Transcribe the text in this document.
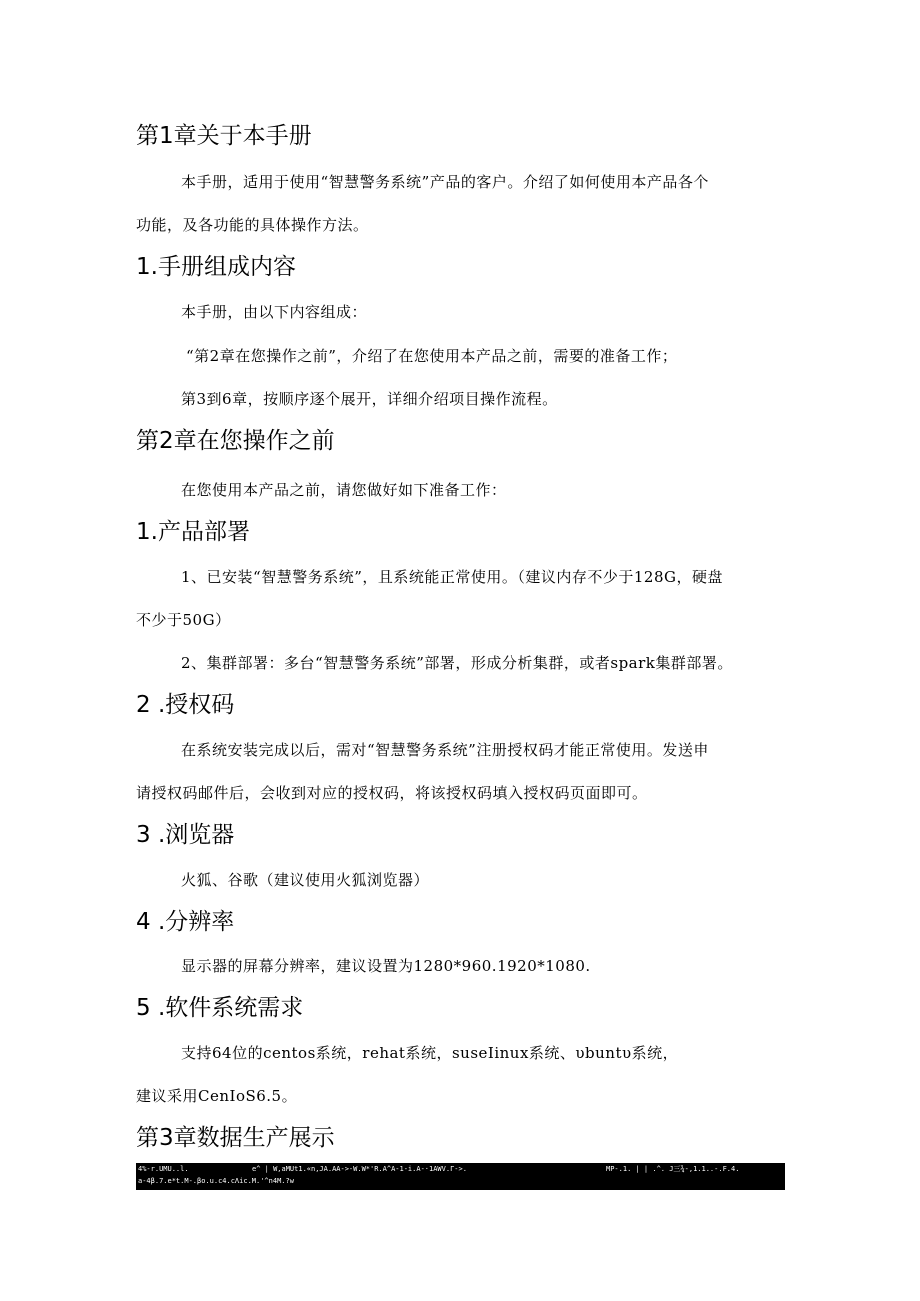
第1章关于本手册
本手册，适用于使用“智慧警务系统”产品的客户。介绍了如何使用本产品各个
功能，及各功能的具体操作方法。
1.手册组成内容
本手册，由以下内容组成：
“第2章在您操作之前”，介绍了在您使用本产品之前，需要的准备工作；
第3到6章，按顺序逐个展开，详细介绍项目操作流程。
第2章在您操作之前
在您使用本产品之前，请您做好如下准备工作：
1.产品部署
1、已安装“智慧警务系统”，且系统能正常使用。（建议内存不少于128G，硬盘
不少于50G）
2、集群部署：多台“智慧警务系统”部署，形成分析集群，或者spark集群部署。
2 .授权码
在系统安装完成以后，需对“智慧警务系统”注册授权码才能正常使用。发送申
请授权码邮件后，会收到对应的授权码，将该授权码填入授权码页面即可。
3 .浏览器
火狐、谷歌（建议使用火狐浏览器）
4 .分辨率
显示器的屏幕分辨率，建议设置为1280*960.1920*1080.
5 .软件系统需求
支持64位的centos系统，rehat系统，suseIinux系统、υbuntυ系统，
建议采用CenIoS6.5。
第3章数据生产展示
4%-r.UMU..l.	e^ | W,aMUt1.«n,JA.AA->-W.W*'R.A^A-1-i.A-·1AWV.Γ->.	MP-.1. | | .^. J三¾-,1.1..-.F.4.
a-4β.7.e*t.M-.βo.u.c4.cΛic.M.'^n4M.?w
